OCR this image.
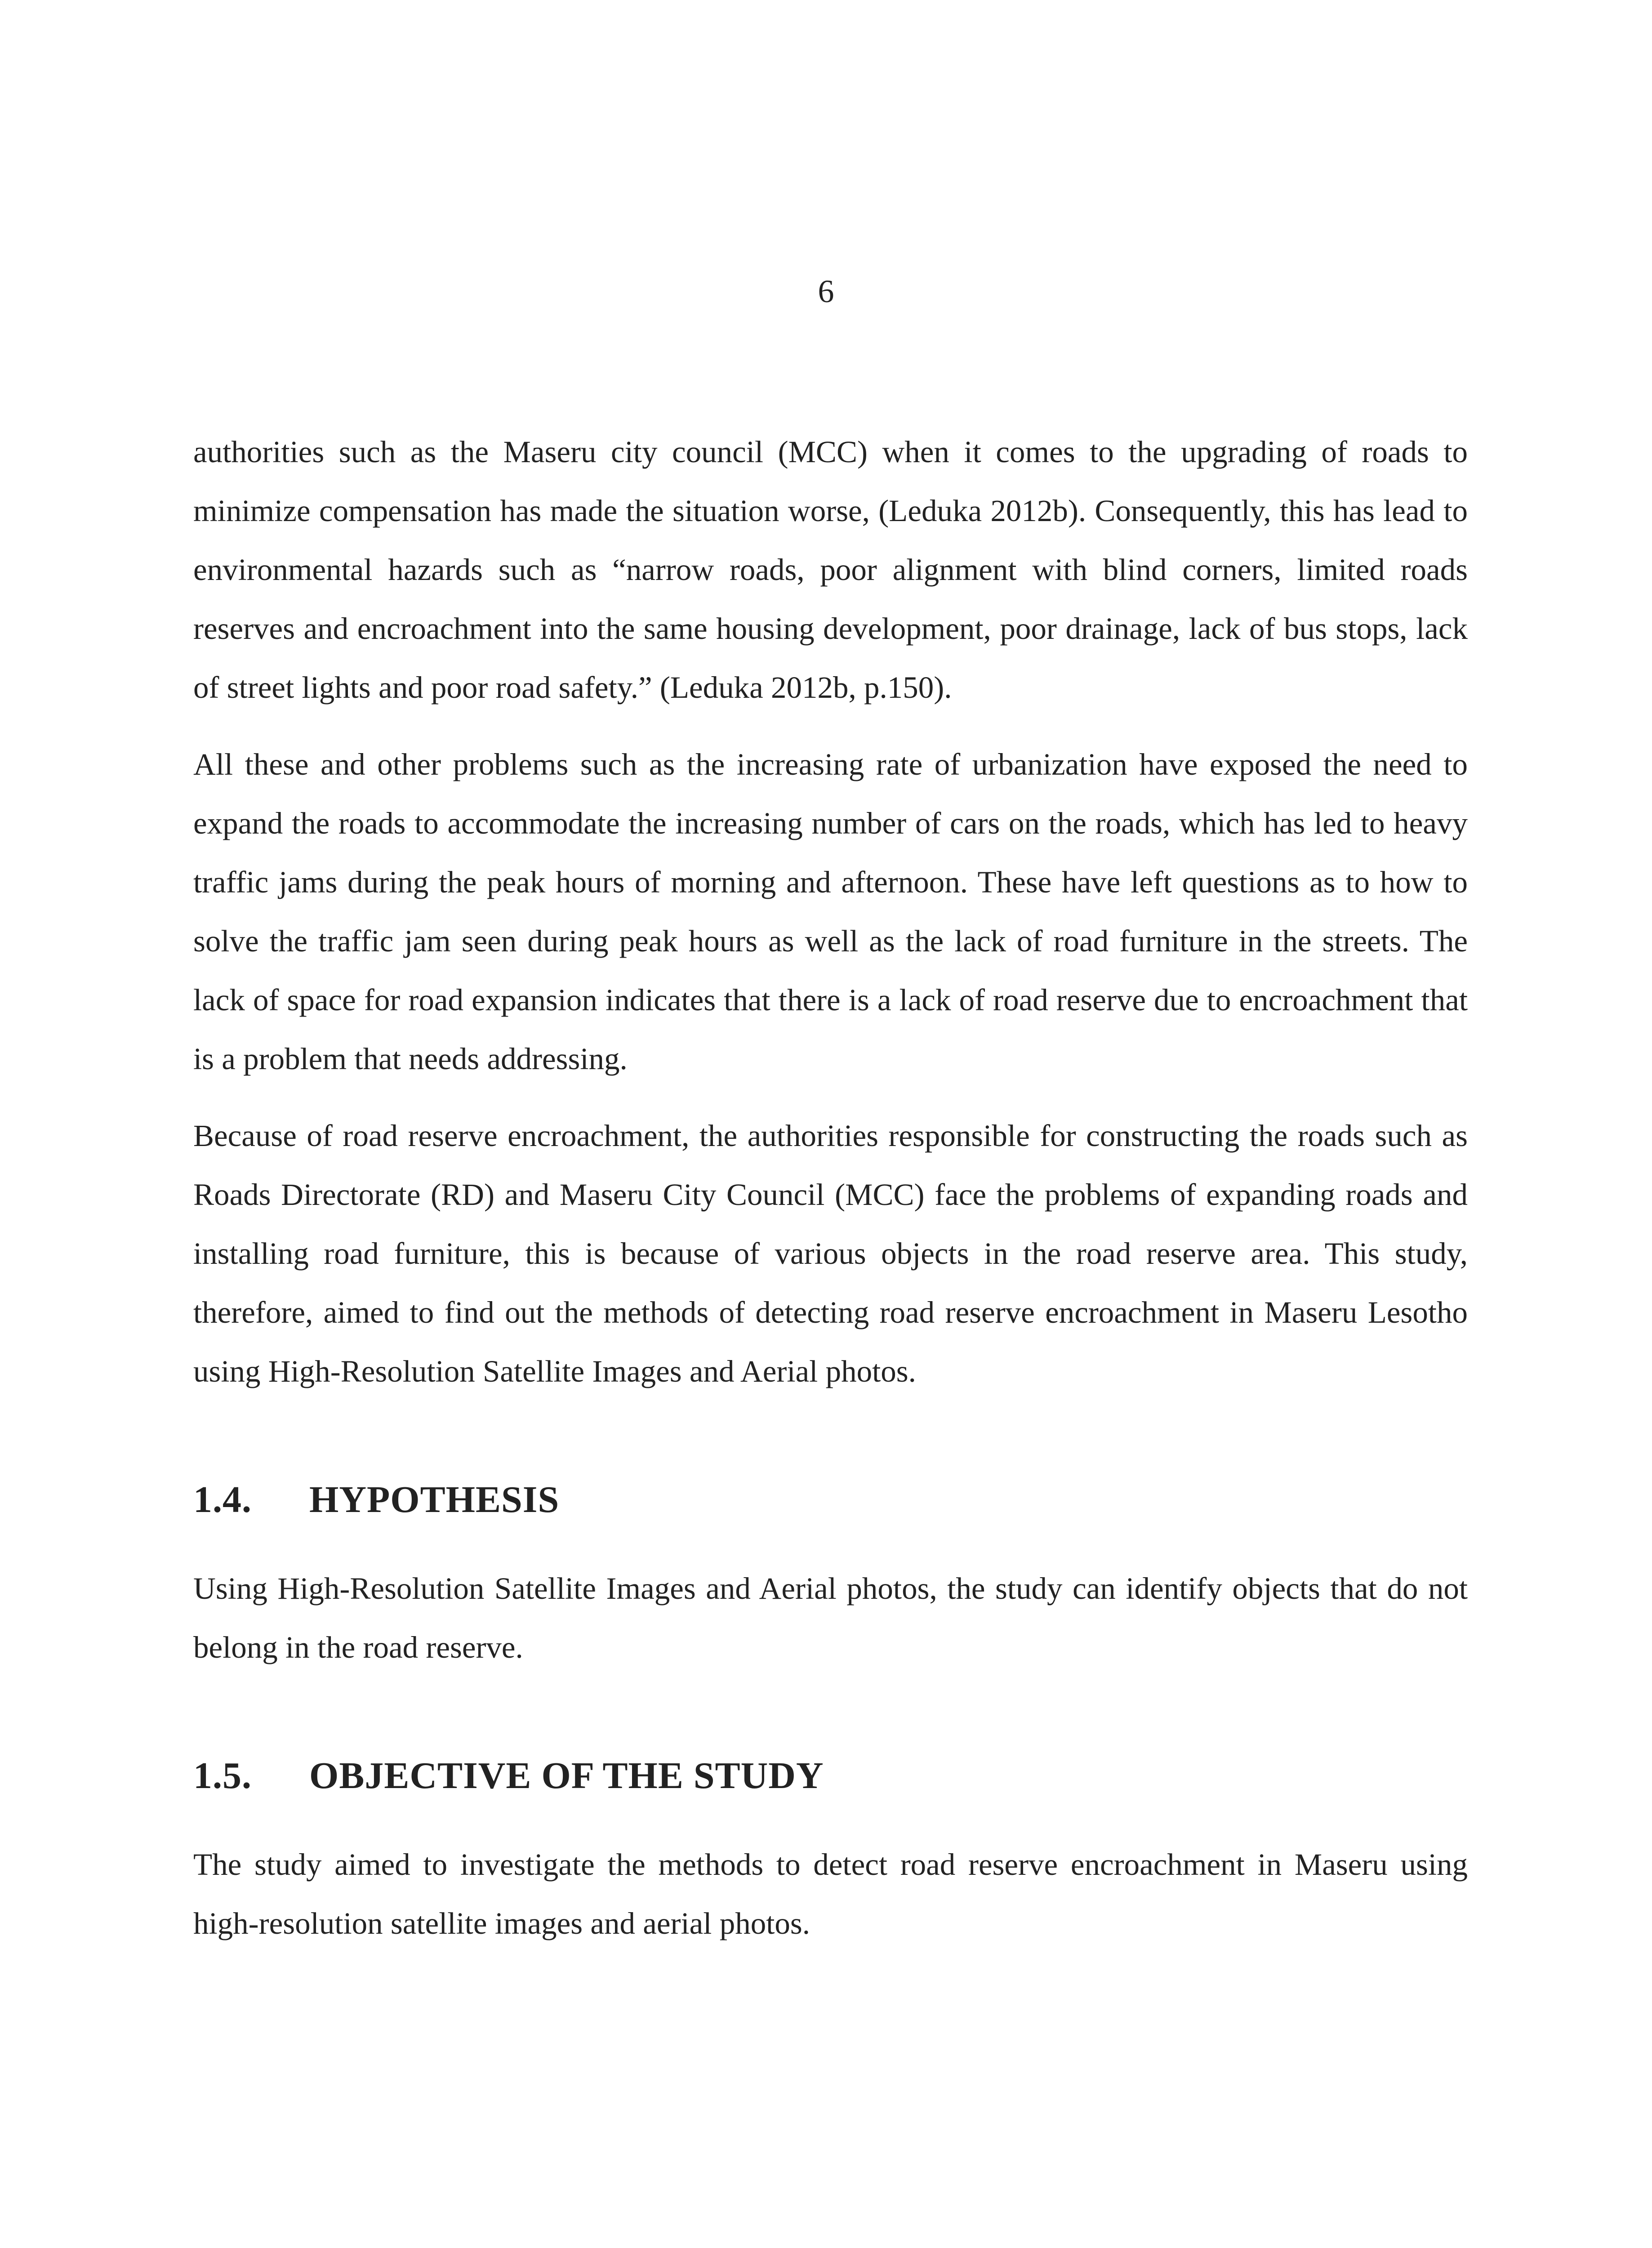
6

authorities such as the Maseru city council (MCC) when it comes to the upgrading of roads to minimize compensation has made the situation worse, (Leduka 2012b). Consequently, this has lead to environmental hazards such as “narrow roads, poor alignment with blind corners, limited roads reserves and encroachment into the same housing development, poor drainage, lack of bus stops, lack of street lights and poor road safety.” (Leduka 2012b, p.150).

All these and other problems such as the increasing rate of urbanization have exposed the need to expand the roads to accommodate the increasing number of cars on the roads, which has led to heavy traffic jams during the peak hours of morning and afternoon. These have left questions as to how to solve the traffic jam seen during peak hours as well as the lack of road furniture in the streets. The lack of space for road expansion indicates that there is a lack of road reserve due to encroachment that is a problem that needs addressing.

Because of road reserve encroachment, the authorities responsible for constructing the roads such as Roads Directorate (RD) and Maseru City Council (MCC) face the problems of expanding roads and installing road furniture, this is because of various objects in the road reserve area. This study, therefore, aimed to find out the methods of detecting road reserve encroachment in Maseru Lesotho using High-Resolution Satellite Images and Aerial photos.

1.4.	HYPOTHESIS

Using High-Resolution Satellite Images and Aerial photos, the study can identify objects that do not belong in the road reserve.

1.5.	OBJECTIVE OF THE STUDY

The study aimed to investigate the methods to detect road reserve encroachment in Maseru using high-resolution satellite images and aerial photos.
